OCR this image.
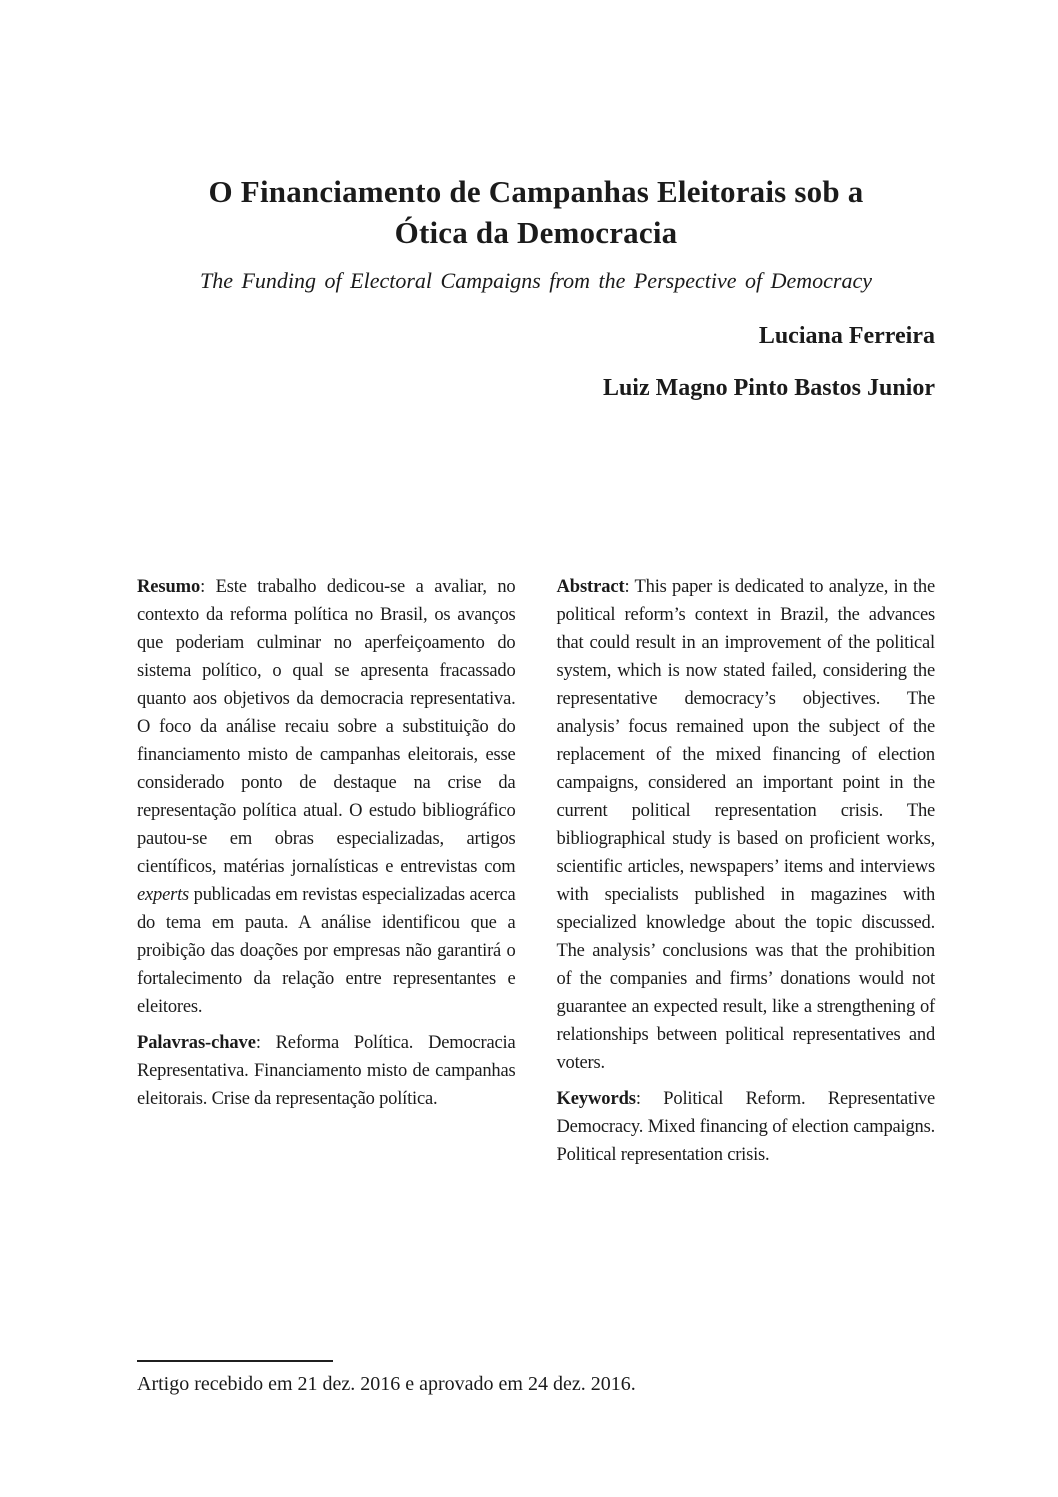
O Financiamento de Campanhas Eleitorais sob a
Ótica da Democracia
The Funding of Electoral Campaigns from the Perspective of Democracy
Luciana Ferreira
Luiz Magno Pinto Bastos Junior

Resumo: Este trabalho dedicou-se a avaliar, no contexto da reforma política no Brasil, os avanços que poderiam culminar no aperfeiçoamento do sistema político, o qual se apresenta fracassado quanto aos objetivos da democracia representativa. O foco da análise recaiu sobre a substituição do financiamento misto de campanhas eleitorais, esse considerado ponto de destaque na crise da representação política atual. O estudo bibliográfico pautou-se em obras especializadas, artigos científicos, matérias jornalísticas e entrevistas com experts publicadas em revistas especializadas acerca do tema em pauta. A análise identificou que a proibição das doações por empresas não garantirá o fortalecimento da relação entre representantes e eleitores.

Palavras-chave: Reforma Política. Democracia Representativa. Financiamento misto de campanhas eleitorais. Crise da representação política.

Abstract: This paper is dedicated to analyze, in the political reform’s context in Brazil, the advances that could result in an improvement of the political system, which is now stated failed, considering the representative democracy’s objectives. The analysis’ focus remained upon the subject of the replacement of the mixed financing of election campaigns, considered an important point in the current political representation crisis. The bibliographical study is based on proficient works, scientific articles, newspapers’ items and interviews with specialists published in magazines with specialized knowledge about the topic discussed. The analysis’ conclusions was that the prohibition of the companies and firms’ donations would not guarantee an expected result, like a strengthening of relationships between political representatives and voters.

Keywords: Political Reform. Representative Democracy. Mixed financing of election campaigns. Political representation crisis.

Artigo recebido em 21 dez. 2016 e aprovado em 24 dez. 2016.
